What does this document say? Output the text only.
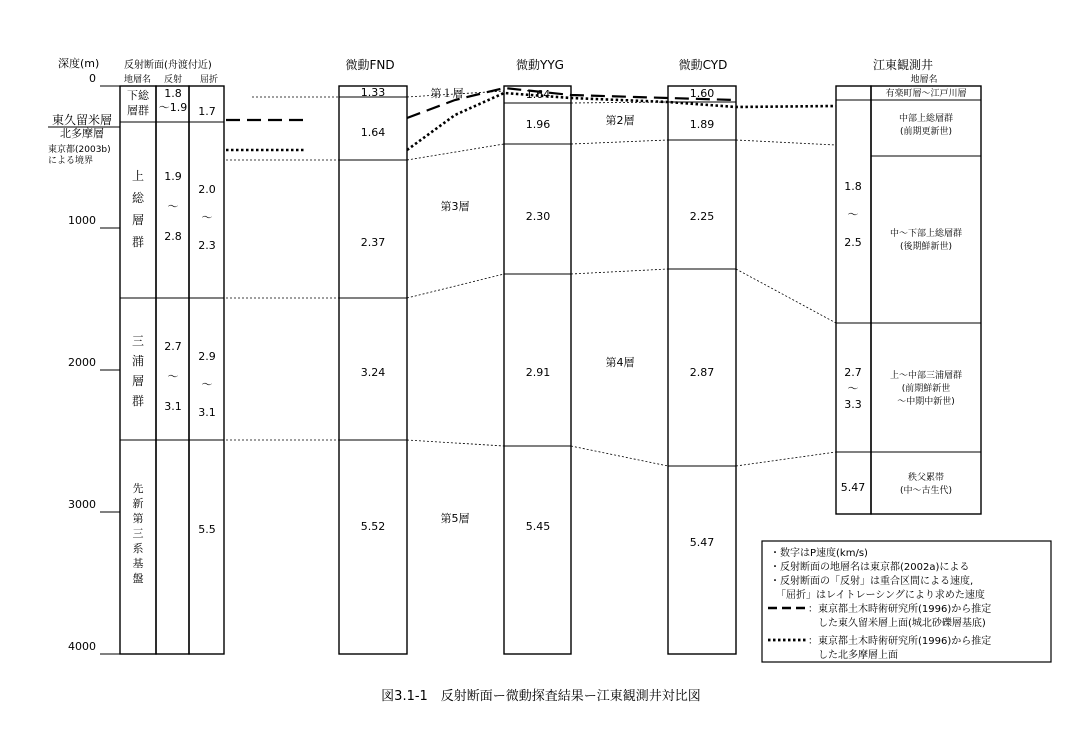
深度(m)
0
1000
2000
3000
4000
反射断面(舟渡付近)
地層名 反射 屈折
東久留米層
北多摩層
東京都(2003b)
による境界
下総層群
1.8 ～1.9 1.7
上総層群
1.9 ～ 2.8
2.0 ～ 2.3
三浦層群
2.7 ～ 3.1
2.9 ～ 3.1
先新第三系基盤
5.5
中部上総層群(前期更新世)
1.8 ～ 2.5
中～下部上総層群(後期鮮新世)
2.7 ～ 3.3
上～中部三浦層群(前期鮮新世～中期中新世)
秩父累帯(中～古生代)
微動FND	微動YYG	微動CYD
1.33
1.64
2.37
3.24
5.52
1.64
1.96
2.30
2.91
5.45
1.60
1.89
2.25
2.87
5.47
第１層
第2層
第3層
第4層
第5層
江東観測井
地層名
有楽町層～江戸川層
5.47
・数字はP速度(km/s)
・反射断面の地層名は東京都(2002a)による
・反射断面の「反射」は重合区間による速度,
「屈折」はレイトレーシングにより求めた速度
：東京都土木時術研究所(1996)から推定
した東久留米層上面(城北砂礫層基底)
：東京都土木時術研究所(1996)から推定
した北多摩層上面
図3.1-1　反射断面ー微動探査結果ー江東観測井対比図
